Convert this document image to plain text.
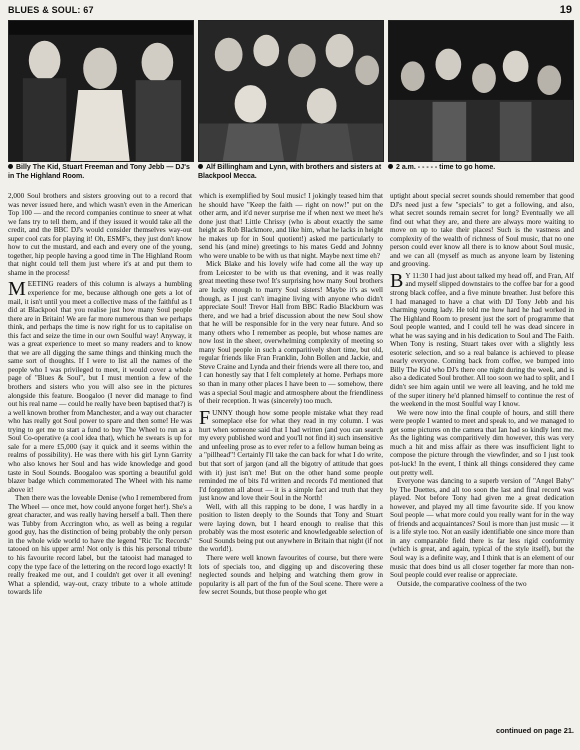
BLUES & SOUL: 67	19
Billy The Kid, Stuart Freeman and Tony Jebb — DJ's in The Highland Room.
Alf Billingham and Lynn, with brothers and sisters at Blackpool Mecca.
2 a.m. - - - - - time to go home.

2,000 Soul brothers and sisters grooving out to a record that was never issued here, and which wasn't even in the American Top 100 — and the record companies continue to sneer at what we fans try to tell them, and if they issued it would take all the credit, and the BBC DJ's would consider themselves way-out super cool cats for playing it! Oh, ESMF's, they just don't know how to cut the mustard, and each and every one of the young, together, hip people having a good time in The Highland Room that night could tell them just where it's at and put them to shame in the process!

MEETING readers of this column is always a humbling experience for me, because although one gets a lot of mail, it isn't until you meet a collective mass of the faithful as I did at Blackpool that you realise just how many Soul people there are in Britain! We are far more numerous than we perhaps think, and perhaps the time is now right for us to capitalise on this fact and seize the time in our own Soulful way! Anyway, it was a great experience to meet so many readers and to know that we are all digging the same things and thinking much the same sort of thoughts. If I were to list all the names of the people who I was privileged to meet, it would cover a whole page of "Blues & Soul", but I must mention a few of the brothers and sisters who you will also see in the pictures alongside this feature. Boogaloo (I never did manage to find out his real name — could he really have been baptised that?) is a well known brother from Manchester, and a way out character who has really got Soul power to spare and then some! He was trying to get me to start a fund to buy The Wheel to run as a Soul Co-operative (a cool idea that), which he swears is up for sale for a mere £5,000 (say it quick and it seems within the realms of possibility). He was there with his girl Lynn Garrity who also knows her Soul and has wide knowledge and good taste in Soul Sounds. Boogaloo was sporting a beautiful gold blazer badge which commemorated The Wheel with his name above it!

Then there was the loveable Denise (who I remembered from The Wheel — once met, how could anyone forget her!). She's a great character, and was really having herself a ball. Then there was Tubby from Accrington who, as well as being a regular good guy, has the distinction of being probably the only person in the whole wide world to have the legend "Ric Tic Records" tatooed on his upper arm! Not only is this his personal tribute to his favourite record label, but the tatooist had managed to copy the type face of the lettering on the record logo exactly! It really freaked me out, and I couldn't get over it all evening! What a splendid, way-out, crazy tribute to a whole attitude towards life

which is exemplified by Soul music! I jokingly teased him that he should have "Keep the faith — right on now!" put on the other arm, and it'd never surprise me if when next we meet he's done just that! Little Chrissy (who is about exactly the same height as Rob Blackmore, and like him, what he lacks in height he makes up for in Soul quotient!) asked me particularly to send his (and mine) greetings to his mates Gedd and Johnny who were unable to be with us that night. Maybe next time eh?

Mick Blake and his lovely wife had come all the way up from Leicester to be with us that evening, and it was really great meeting these two! It's surprising how many Soul brothers are lucky enough to marry Soul sisters! Maybe it's as well though, as I just can't imagine living with anyone who didn't appreciate Soul! Trevor Hall from BBC Radio Blackburn was there, and we had a brief discussion about the new Soul show that he will be responsible for in the very near future. And so many others who I remember as people, but whose names are now lost in the sheer, overwhelming complexity of meeting so many Soul people in such a comparitively short time, but old, regular friends like Fran Franklin, John Bollen and Jackie, and Steve Craine and Lynda and their friends were all there too, and I can honestly say that I felt completely at home. Perhaps more so than in many other places I have been to — somehow, there was a special Soul magic and atmosphere about the friendliness of their reception. It was (sincerely) too much.

FUNNY though how some people mistake what they read someplace else for what they read in my column. I was hurt when someone said that I had written (and you can search my every published word and you'll not find it) such insensitive and unfeeling prose as to ever refer to a fellow human being as a "pillhead"! Certainly I'll take the can back for what I do write, but that sort of jargon (and all the bigotry of attitude that goes with it) just isn't me! But on the other hand some people reminded me of bits I'd written and records I'd mentioned that I'd forgotten all about — it is a simple fact and truth that they just know and love their Soul in the North!

Well, with all this rapping to be done, I was hardly in a position to listen deeply to the Sounds that Tony and Stuart were laying down, but I heard enough to realise that this probably was the most esoteric and knowledgeable selection of Soul Sounds being put out anywhere in Britain that night (if not the world!).

There were well known favourites of course, but there were lots of specials too, and digging up and discovering these neglected sounds and helping and watching them grow in popularity is all part of the fun of the Soul scene. There were a few secret Sounds, but those people who get

uptight about special secret sounds should remember that good DJ's need just a few "specials" to get a following, and also, what secret sounds remain secret for long? Eventually we all find out what they are, and there are always more waiting to move on up to take their places! Such is the vastness and complexity of the wealth of richness of Soul music, that no one person could ever know all there is to know about Soul music, and we can all (myself as much as anyone learn by listening and grooving.

B Y 11:30 I had just about talked my head off, and Fran, Alf and myself slipped downstairs to the coffee bar for a good strong black coffee, and a five minute breather. Just before this I had managed to have a chat with DJ Tony Jebb and his charming young lady. He told me how hard he had worked in The Highland Room to present just the sort of programme that Soul people wanted, and I could tell he was dead sincere in what he was saying and in his dedication to Soul and The Faith. When Tony is resting, Stuart takes over with a slightly less esoteric selection, and so a real balance is achieved to please nearly everyone. Coming back from coffee, we bumped into Billy The Kid who DJ's there one night during the week, and is also a dedicated Soul brother. All too soon we had to split, and I didn't see him again until we were all leaving, and he told me of the super itinery he'd planned himself to continue the rest of the weekend in the most Soulful way I know.

We were now into the final couple of hours, and still there were people I wanted to meet and speak to, and we managed to get some pictures on the camera that Ian had so kindly lent me. As the lighting was comparitively dim however, this was very much a hit and miss affair as there was insufficient light to compose the picture through the viewfinder, and so I just took pot-luck! In the event, I think all things considered they came out pretty well.

Everyone was dancing to a superb version of "Angel Baby" by The Duettes, and all too soon the last and final record was played. Not before Tony had given me a great dedication however, and played my all time favourite side. If you know Soul people — what more could you really want for in the way of friends and acquaintances? Soul is more than just music — it is a life style too. Not an easily identifiable one since more than in any comparable field there is far less rigid conformity (which is great, and again, typical of the style itself), but the Soul way is a definite way, and I think that is an element of our music that does bind us all closer together far more than non-Soul people could ever realise or appreciate.

Outside, the comparative coolness of the two

continued on page 21.
